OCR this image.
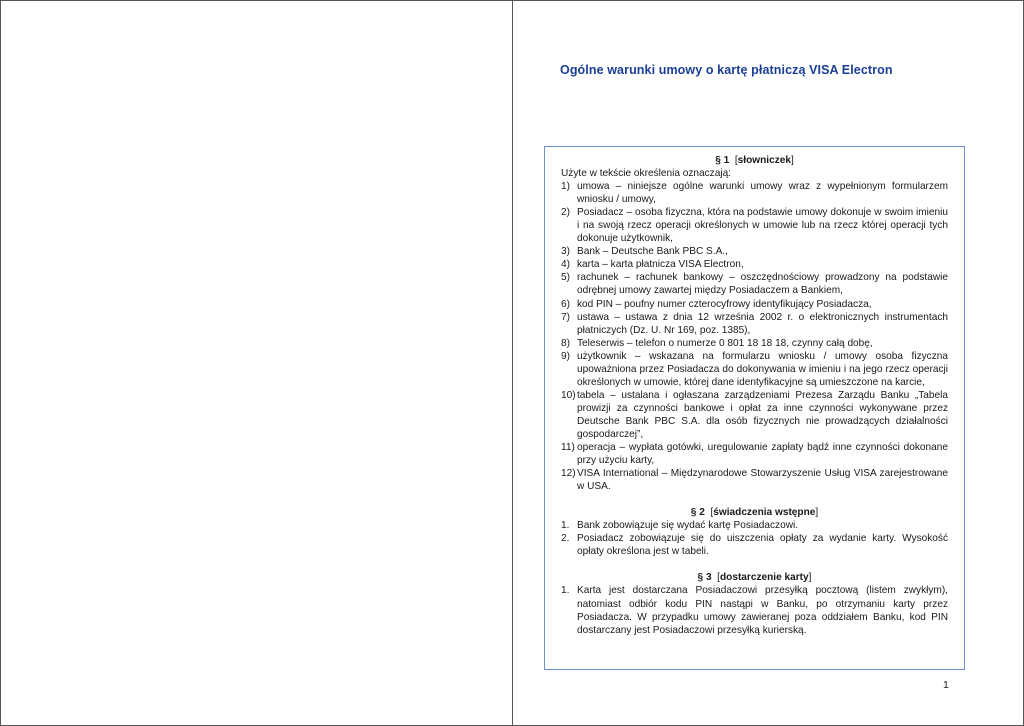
Ogólne warunki umowy o kartę płatniczą VISA Electron
§ 1  [słowniczek]

Użyte w tekście określenia oznaczają:

1) umowa – niniejsze ogólne warunki umowy wraz z wypełnionym formularzem wniosku / umowy,
2) Posiadacz – osoba fizyczna, która na podstawie umowy dokonuje w swoim imieniu i na swoją rzecz operacji określonych w umowie lub na rzecz której operacji tych dokonuje użytkownik,
3) Bank – Deutsche Bank PBC S.A.,
4) karta – karta płatnicza VISA Electron,
5) rachunek – rachunek bankowy – oszczędnościowy prowadzony na podstawie odrębnej umowy zawartej między Posiadaczem a Bankiem,
6) kod PIN – poufny numer czterocyfrowy identyfikujący Posiadacza,
7) ustawa – ustawa z dnia 12 września 2002 r. o elektronicznych instrumentach płatniczych (Dz. U. Nr 169, poz. 1385),
8) Teleserwis – telefon o numerze 0 801 18 18 18, czynny całą dobę,
9) użytkownik – wskazana na formularzu wniosku / umowy osoba fizyczna upoważniona przez Posiadacza do dokonywania w imieniu i na jego rzecz operacji określonych w umowie, której dane identyfikacyjne są umieszczone na karcie,
10) tabela – ustalana i ogłaszana zarządzeniami Prezesa Zarządu Banku „Tabela prowizji za czynności bankowe i opłat za inne czynności wykonywane przez Deutsche Bank PBC S.A. dla osób fizycznych nie prowadzących działalności gospodarczej”,
11) operacja – wypłata gotówki, uregulowanie zapłaty bądź inne czynności dokonane przy użyciu karty,
12) VISA International – Międzynarodowe Stowarzyszenie Usług VISA zarejestrowane w USA.
§ 2  [świadczenia wstępne]
1. Bank zobowiązuje się wydać kartę Posiadaczowi.
2. Posiadacz zobowiązuje się do uiszczenia opłaty za wydanie karty. Wysokość opłaty określona jest w tabeli.
§ 3  [dostarczenie karty]
1. Karta jest dostarczana Posiadaczowi przesyłką pocztową (listem zwykłym), natomiast odbiór kodu PIN nastąpi w Banku, po otrzymaniu karty przez Posiadacza. W przypadku umowy zawieranej poza oddziałem Banku, kod PIN dostarczany jest Posiadaczowi przesyłką kurierską.
1
